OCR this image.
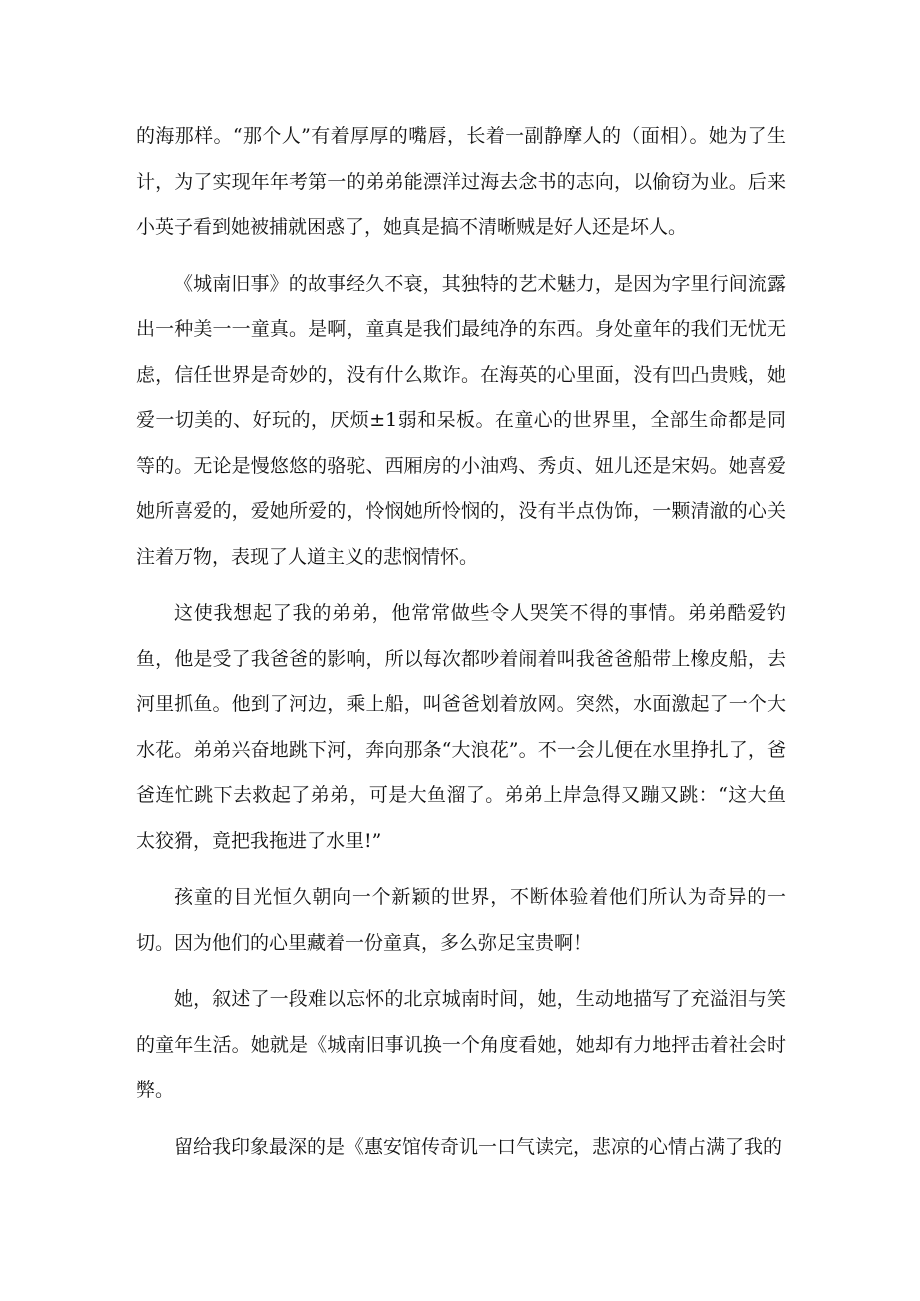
的海那样。“那个人”有着厚厚的嘴唇，长着一副静摩人的（面相）。她为了生计，为了实现年年考第一的弟弟能漂洋过海去念书的志向，以偷窃为业。后来小英子看到她被捕就困惑了，她真是搞不清晰贼是好人还是坏人。

《城南旧事》的故事经久不衰，其独特的艺术魅力，是因为字里行间流露出一种美一一童真。是啊，童真是我们最纯净的东西。身处童年的我们无忧无虑，信任世界是奇妙的，没有什么欺诈。在海英的心里面，没有凹凸贵贱，她爱一切美的、好玩的，厌烦±1弱和呆板。在童心的世界里，全部生命都是同等的。无论是慢悠悠的骆驼、西厢房的小油鸡、秀贞、妞儿还是宋妈。她喜爱她所喜爱的，爱她所爱的，怜悯她所怜悯的，没有半点伪饰，一颗清澈的心关注着万物，表现了人道主义的悲悯情怀。

这使我想起了我的弟弟，他常常做些令人哭笑不得的事情。弟弟酷爱钓鱼，他是受了我爸爸的影响，所以每次都吵着闹着叫我爸爸船带上橡皮船，去河里抓鱼。他到了河边，乘上船，叫爸爸划着放网。突然，水面激起了一个大水花。弟弟兴奋地跳下河，奔向那条“大浪花”。不一会儿便在水里挣扎了，爸爸连忙跳下去救起了弟弟，可是大鱼溜了。弟弟上岸急得又蹦又跳：“这大鱼太狡猾，竟把我拖进了水里!”

孩童的目光恒久朝向一个新颖的世界，不断体验着他们所认为奇异的一切。因为他们的心里藏着一份童真，多么弥足宝贵啊！

她，叙述了一段难以忘怀的北京城南时间，她，生动地描写了充溢泪与笑的童年生活。她就是《城南旧事讥换一个角度看她，她却有力地抨击着社会时弊。

留给我印象最深的是《惠安馆传奇讥一口气读完，悲凉的心情占满了我的
